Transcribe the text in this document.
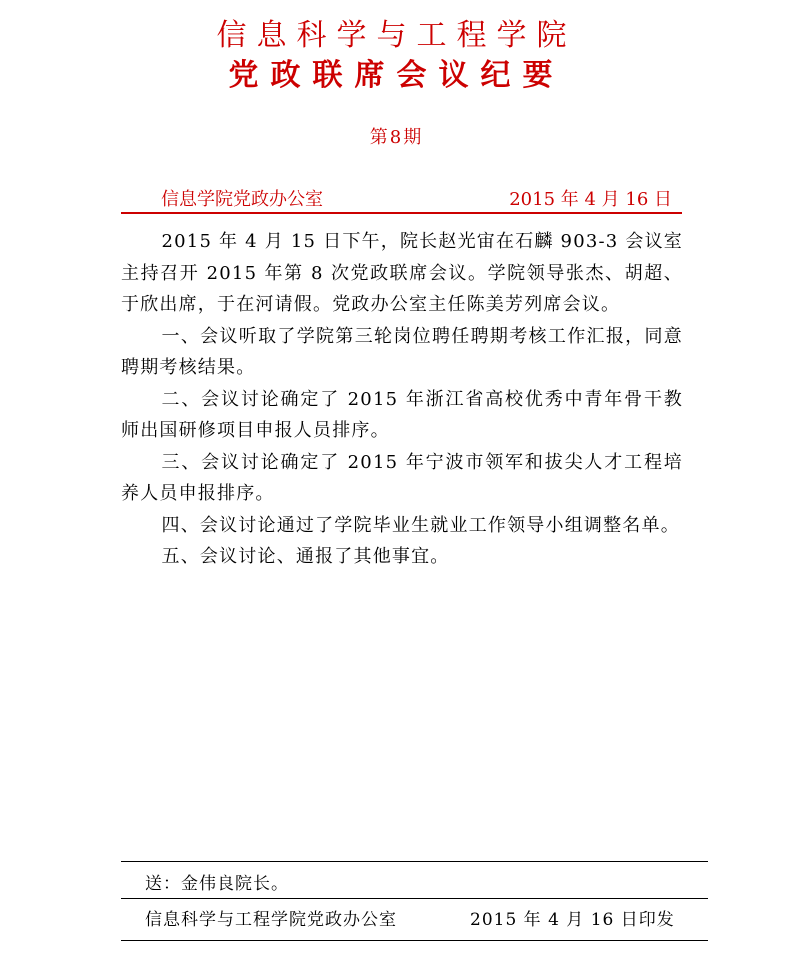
信息科学与工程学院
党政联席会议纪要
第8期
信息学院党政办公室	2015 年 4 月 16 日

2015 年 4 月 15 日下午，院长赵光宙在石麟 903-3 会议室主持召开 2015 年第 8 次党政联席会议。学院领导张杰、胡超、于欣出席，于在河请假。党政办公室主任陈美芳列席会议。

一、会议听取了学院第三轮岗位聘任聘期考核工作汇报，同意聘期考核结果。

二、会议讨论确定了 2015 年浙江省高校优秀中青年骨干教师出国研修项目申报人员排序。

三、会议讨论确定了 2015 年宁波市领军和拔尖人才工程培养人员申报排序。

四、会议讨论通过了学院毕业生就业工作领导小组调整名单。

五、会议讨论、通报了其他事宜。

送：金伟良院长。
信息科学与工程学院党政办公室	2015 年 4 月 16 日印发
